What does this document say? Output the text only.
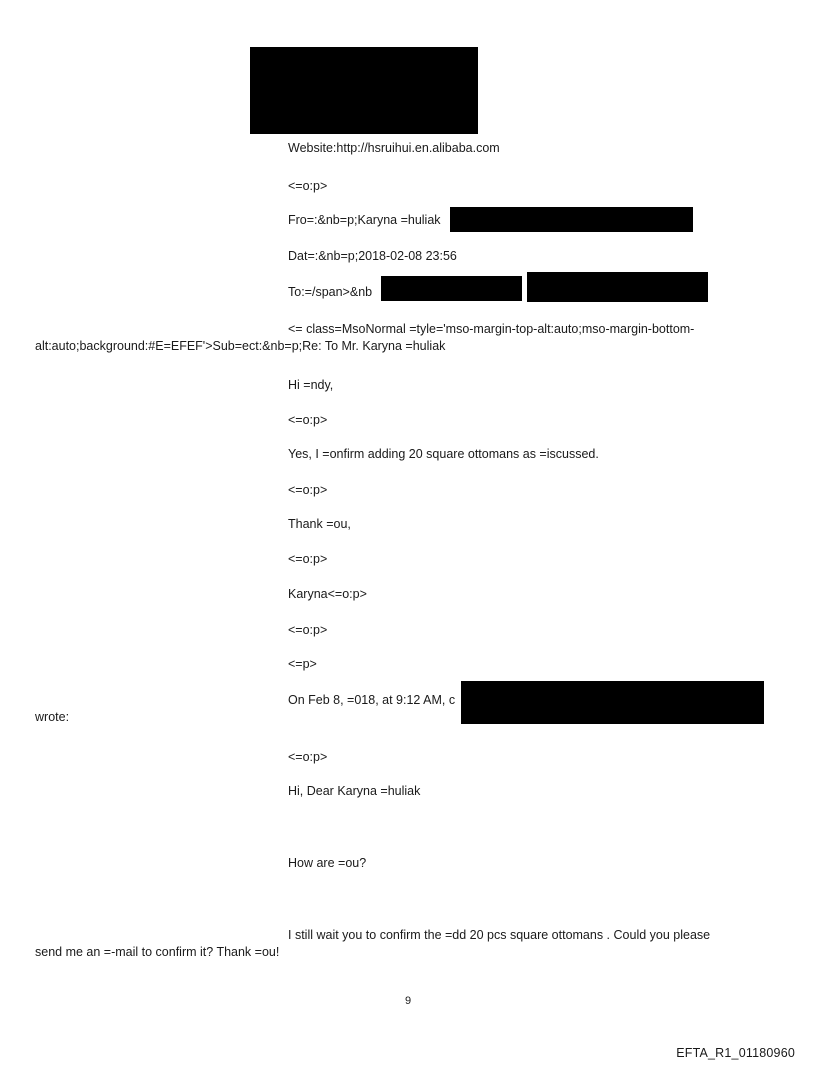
Website:http://hsruihui.en.alibaba.com

<=o:p>

Fro=:&nb=p;Karyna =huliak

Dat=:&nb=p;2018-02-08 23:56

To:=/span>&nb

<= class=MsoNormal =tyle='mso-margin-top-alt:auto;mso-margin-bottom-

alt:auto;background:#E=EFEF'>Sub=ect:&nb=p;Re: To Mr. Karyna =huliak

Hi =ndy,

<=o:p>

Yes, I =onfirm adding 20 square ottomans as =iscussed.

<=o:p>

Thank =ou,

<=o:p>

Karyna<=o:p>

<=o:p>

<=p>

On Feb 8, =018, at 9:12 AM, c

wrote:

<=o:p>

Hi, Dear Karyna =huliak

How are =ou?

I still wait you to confirm the =dd 20 pcs square ottomans . Could you please

send me an =-mail to confirm it? Thank =ou!

9
EFTA_R1_01180960
